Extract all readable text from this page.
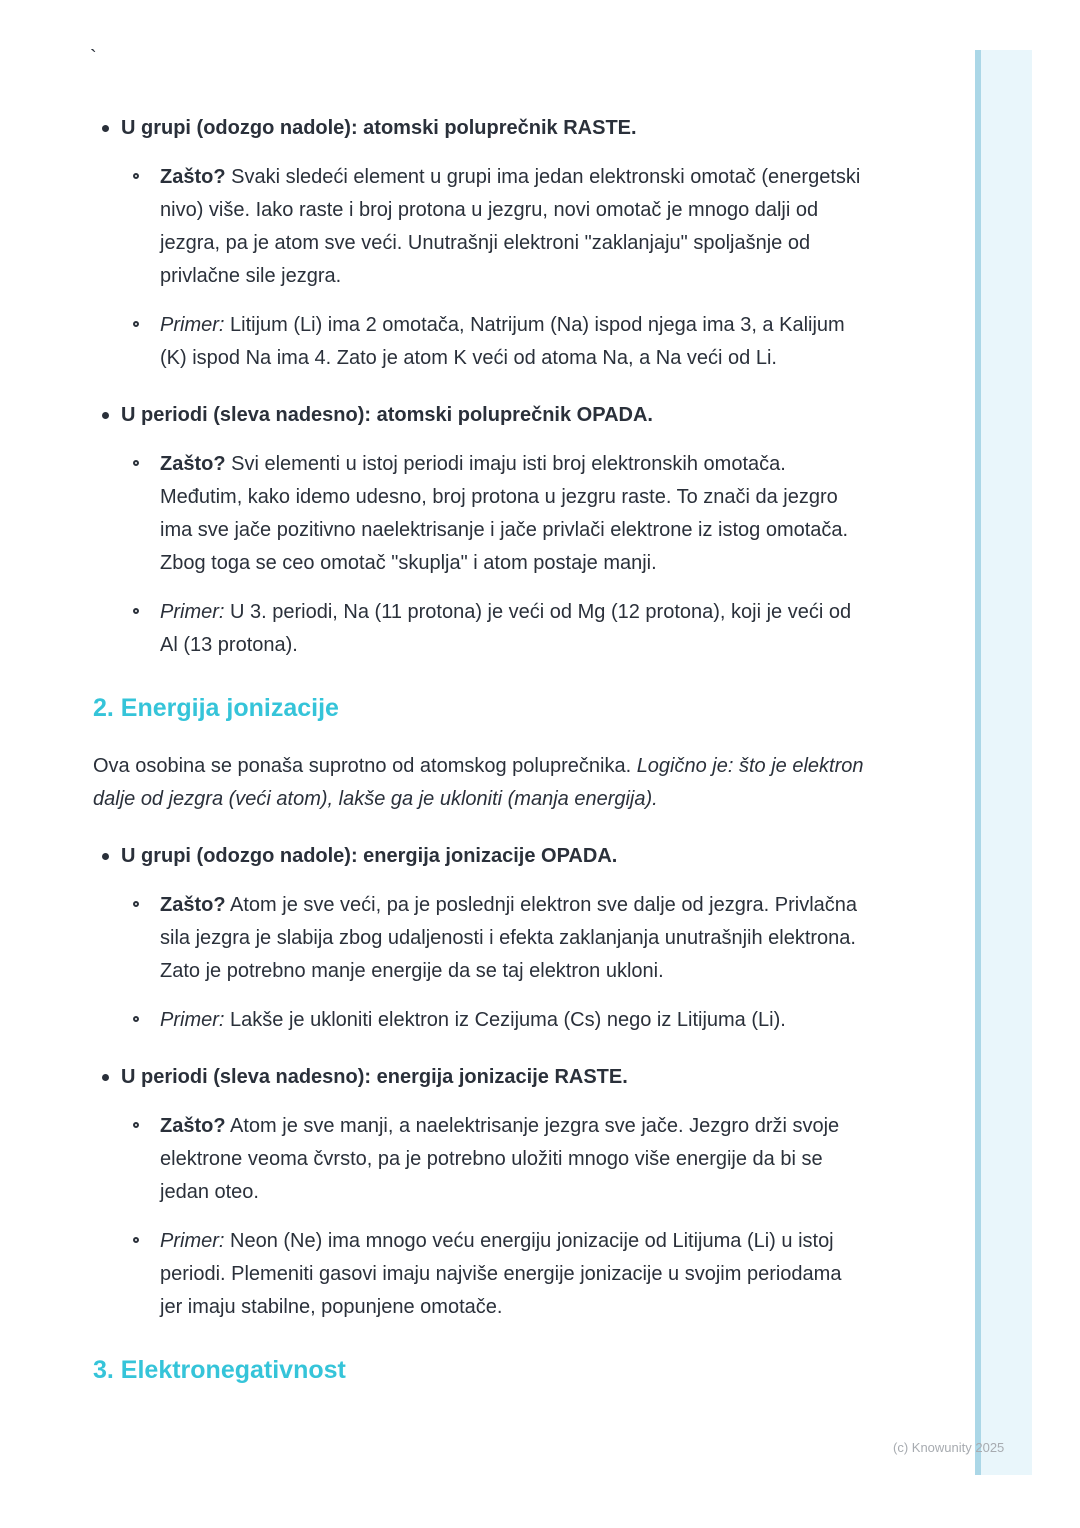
`
U grupi (odozgo nadole): atomski poluprečnik RASTE.

Zašto? Svaki sledeći element u grupi ima jedan elektronski omotač (energetski nivo) više. Iako raste i broj protona u jezgru, novi omotač je mnogo dalji od jezgra, pa je atom sve veći. Unutrašnji elektroni "zaklanjaju" spoljašnje od privlačne sile jezgra.

Primer: Litijum (Li) ima 2 omotača, Natrijum (Na) ispod njega ima 3, a Kalijum (K) ispod Na ima 4. Zato je atom K veći od atoma Na, a Na veći od Li.

U periodi (sleva nadesno): atomski poluprečnik OPADA.

Zašto? Svi elementi u istoj periodi imaju isti broj elektronskih omotača. Međutim, kako idemo udesno, broj protona u jezgru raste. To znači da jezgro ima sve jače pozitivno naelektrisanje i jače privlači elektrone iz istog omotača. Zbog toga se ceo omotač "skuplja" i atom postaje manji.

Primer: U 3. periodi, Na (11 protona) je veći od Mg (12 protona), koji je veći od Al (13 protona).

2. Energija jonizacije

Ova osobina se ponaša suprotno od atomskog poluprečnika. Logično je: što je elektron dalje od jezgra (veći atom), lakše ga je ukloniti (manja energija).

U grupi (odozgo nadole): energija jonizacije OPADA.

Zašto? Atom je sve veći, pa je poslednji elektron sve dalje od jezgra. Privlačna sila jezgra je slabija zbog udaljenosti i efekta zaklanjanja unutrašnjih elektrona. Zato je potrebno manje energije da se taj elektron ukloni.

Primer: Lakše je ukloniti elektron iz Cezijuma (Cs) nego iz Litijuma (Li).

U periodi (sleva nadesno): energija jonizacije RASTE.

Zašto? Atom je sve manji, a naelektrisanje jezgra sve jače. Jezgro drži svoje elektrone veoma čvrsto, pa je potrebno uložiti mnogo više energije da bi se jedan oteo.

Primer: Neon (Ne) ima mnogo veću energiju jonizacije od Litijuma (Li) u istoj periodi. Plemeniti gasovi imaju najviše energije jonizacije u svojim periodama jer imaju stabilne, popunjene omotače.

3. Elektronegativnost
(c) Knowunity 2025
